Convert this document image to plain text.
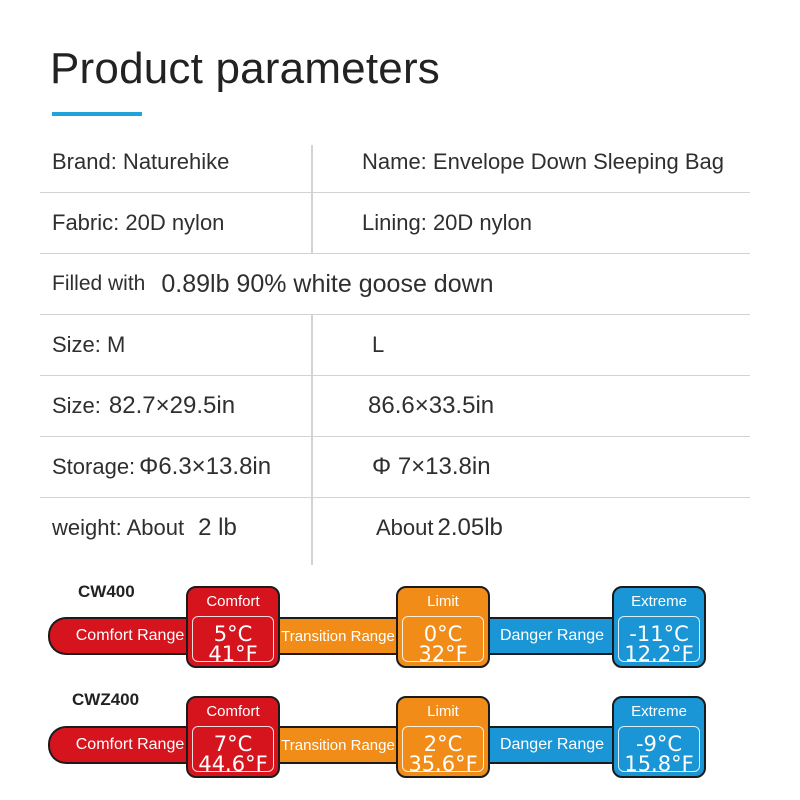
Product parameters
Brand: Naturehike	Name: Envelope Down Sleeping Bag
Fabric: 20D nylon	Lining: 20D nylon
Filled with 0.89lb 90% white goose down
Size: M	L
Size: 82.7×29.5in	86.6×33.5in
Storage: Φ6.3×13.8in	Φ 7×13.8in
weight: About 2 lb	About 2.05lb
CW400
Comfort Range	Transition Range	Danger Range
Comfort
5°C
41°F
Limit
0°C
32°F
Extreme
-11°C
12.2°F
CWZ400
Comfort Range	Transition Range	Danger Range
Comfort
7°C
44.6°F
Limit
2°C
35.6°F
Extreme
-9°C
15.8°F
